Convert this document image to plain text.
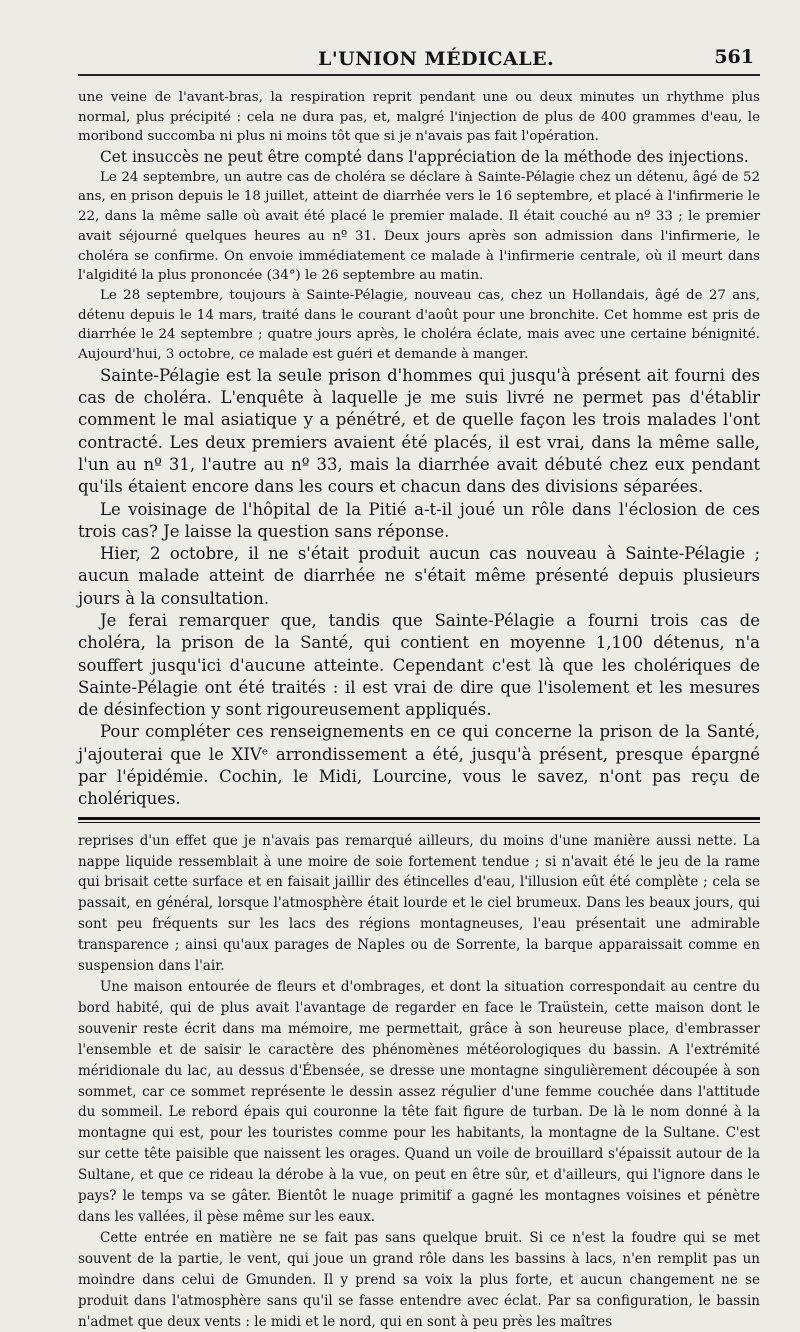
L'UNION MÉDICALE.	561

une veine de l'avant-bras, la respiration reprit pendant une ou deux minutes un rhythme plus normal, plus précipité : cela ne dura pas, et, malgré l'injection de plus de 400 grammes d'eau, le moribond succomba ni plus ni moins tôt que si je n'avais pas fait l'opération.

Cet insuccès ne peut être compté dans l'appréciation de la méthode des injections.

Le 24 septembre, un autre cas de choléra se déclare à Sainte-Pélagie chez un détenu, âgé de 52 ans, en prison depuis le 18 juillet, atteint de diarrhée vers le 16 septembre, et placé à l'infirmerie le 22, dans la même salle où avait été placé le premier malade. Il était couché au nº 33 ; le premier avait séjourné quelques heures au nº 31. Deux jours après son admission dans l'infirmerie, le choléra se confirme. On envoie immédiatement ce malade à l'infirmerie centrale, où il meurt dans l'algidité la plus prononcée (34°) le 26 septembre au matin.

Le 28 septembre, toujours à Sainte-Pélagie, nouveau cas, chez un Hollandais, âgé de 27 ans, détenu depuis le 14 mars, traité dans le courant d'août pour une bronchite. Cet homme est pris de diarrhée le 24 septembre ; quatre jours après, le choléra éclate, mais avec une certaine bénignité. Aujourd'hui, 3 octobre, ce malade est guéri et demande à manger.

Sainte-Pélagie est la seule prison d'hommes qui jusqu'à présent ait fourni des cas de choléra. L'enquête à laquelle je me suis livré ne permet pas d'établir comment le mal asiatique y a pénétré, et de quelle façon les trois malades l'ont contracté. Les deux premiers avaient été placés, il est vrai, dans la même salle, l'un au nº 31, l'autre au nº 33, mais la diarrhée avait débuté chez eux pendant qu'ils étaient encore dans les cours et chacun dans des divisions séparées.

Le voisinage de l'hôpital de la Pitié a-t-il joué un rôle dans l'éclosion de ces trois cas? Je laisse la question sans réponse.

Hier, 2 octobre, il ne s'était produit aucun cas nouveau à Sainte-Pélagie ; aucun malade atteint de diarrhée ne s'était même présenté depuis plusieurs jours à la consultation.

Je ferai remarquer que, tandis que Sainte-Pélagie a fourni trois cas de choléra, la prison de la Santé, qui contient en moyenne 1,100 détenus, n'a souffert jusqu'ici d'aucune atteinte. Cependant c'est là que les cholériques de Sainte-Pélagie ont été traités : il est vrai de dire que l'isolement et les mesures de désinfection y sont rigoureusement appliqués.

Pour compléter ces renseignements en ce qui concerne la prison de la Santé, j'ajouterai que le XIVᵉ arrondissement a été, jusqu'à présent, presque épargné par l'épidémie. Cochin, le Midi, Lourcine, vous le savez, n'ont pas reçu de cholériques.

reprises d'un effet que je n'avais pas remarqué ailleurs, du moins d'une manière aussi nette. La nappe liquide ressemblait à une moire de soie fortement tendue ; si n'avait été le jeu de la rame qui brisait cette surface et en faisait jaillir des étincelles d'eau, l'illusion eût été complète ; cela se passait, en général, lorsque l'atmosphère était lourde et le ciel brumeux. Dans les beaux jours, qui sont peu fréquents sur les lacs des régions montagneuses, l'eau présentait une admirable transparence ; ainsi qu'aux parages de Naples ou de Sorrente, la barque apparaissait comme en suspension dans l'air.

Une maison entourée de fleurs et d'ombrages, et dont la situation correspondait au centre du bord habité, qui de plus avait l'avantage de regarder en face le Traüstein, cette maison dont le souvenir reste écrit dans ma mémoire, me permettait, grâce à son heureuse place, d'embrasser l'ensemble et de saisir le caractère des phénomènes météorologiques du bassin. A l'extrémité méridionale du lac, au dessus d'Ébensée, se dresse une montagne singulièrement découpée à son sommet, car ce sommet représente le dessin assez régulier d'une femme couchée dans l'attitude du sommeil. Le rebord épais qui couronne la tête fait figure de turban. De là le nom donné à la montagne qui est, pour les touristes comme pour les habitants, la montagne de la Sultane. C'est sur cette tête paisible que naissent les orages. Quand un voile de brouillard s'épaissit autour de la Sultane, et que ce rideau la dérobe à la vue, on peut en être sûr, et d'ailleurs, qui l'ignore dans le pays? le temps va se gâter. Bientôt le nuage primitif a gagné les montagnes voisines et pénètre dans les vallées, il pèse même sur les eaux.

Cette entrée en matière ne se fait pas sans quelque bruit. Si ce n'est la foudre qui se met souvent de la partie, le vent, qui joue un grand rôle dans les bassins à lacs, n'en remplit pas un moindre dans celui de Gmunden. Il y prend sa voix la plus forte, et aucun changement ne se produit dans l'atmosphère sans qu'il se fasse entendre avec éclat. Par sa configuration, le bassin n'admet que deux vents : le midi et le nord, qui en sont à peu près les maîtres
